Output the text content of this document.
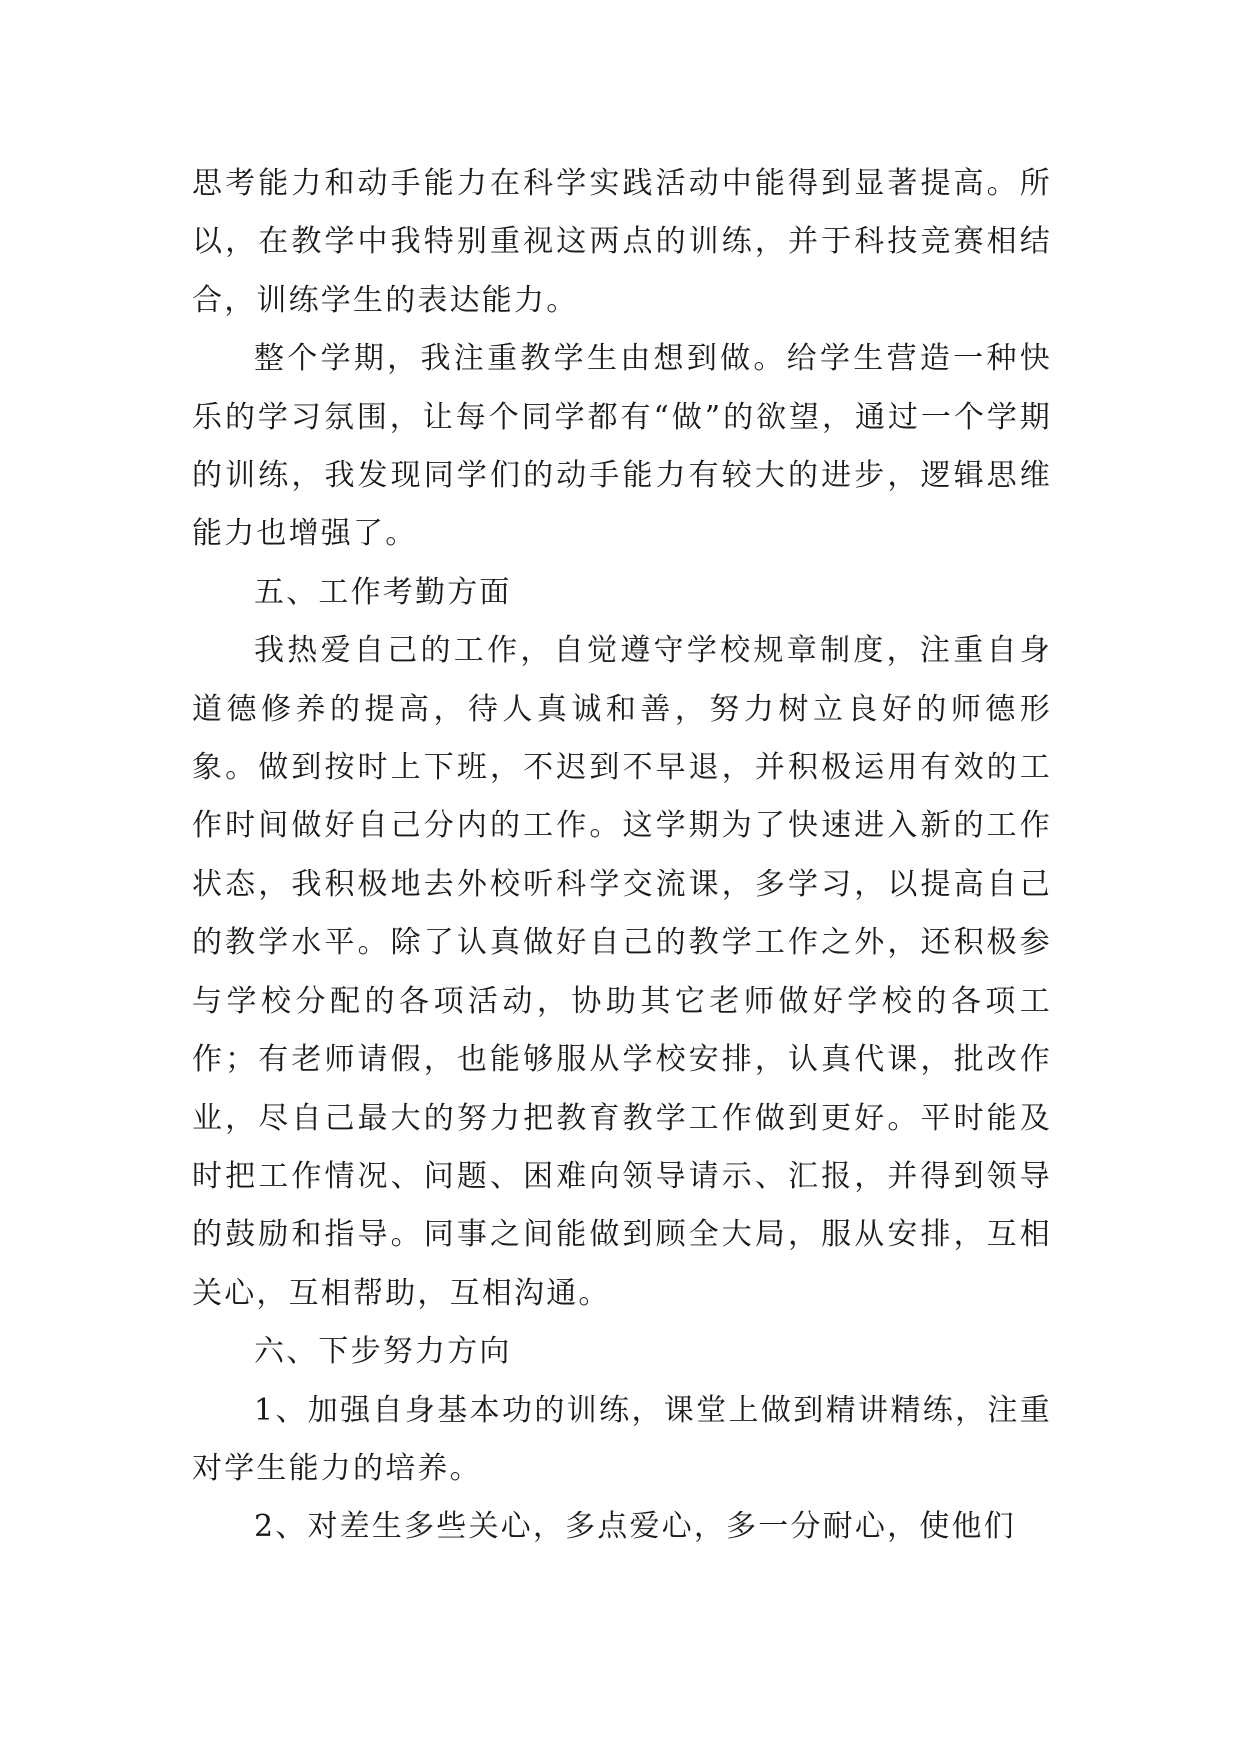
思考能力和动手能力在科学实践活动中能得到显著提高。所以，在教学中我特别重视这两点的训练，并于科技竞赛相结合，训练学生的表达能力。

整个学期，我注重教学生由想到做。给学生营造一种快乐的学习氛围，让每个同学都有“做”的欲望，通过一个学期的训练，我发现同学们的动手能力有较大的进步，逻辑思维能力也增强了。

五、工作考勤方面

我热爱自己的工作，自觉遵守学校规章制度，注重自身道德修养的提高，待人真诚和善，努力树立良好的师德形象。做到按时上下班，不迟到不早退，并积极运用有效的工作时间做好自己分内的工作。这学期为了快速进入新的工作状态，我积极地去外校听科学交流课，多学习，以提高自己的教学水平。除了认真做好自己的教学工作之外，还积极参与学校分配的各项活动，协助其它老师做好学校的各项工作；有老师请假，也能够服从学校安排，认真代课，批改作业，尽自己最大的努力把教育教学工作做到更好。平时能及时把工作情况、问题、困难向领导请示、汇报，并得到领导的鼓励和指导。同事之间能做到顾全大局，服从安排，互相关心，互相帮助，互相沟通。

六、下步努力方向

1、加强自身基本功的训练，课堂上做到精讲精练，注重对学生能力的培养。

2、对差生多些关心，多点爱心，多一分耐心，使他们
